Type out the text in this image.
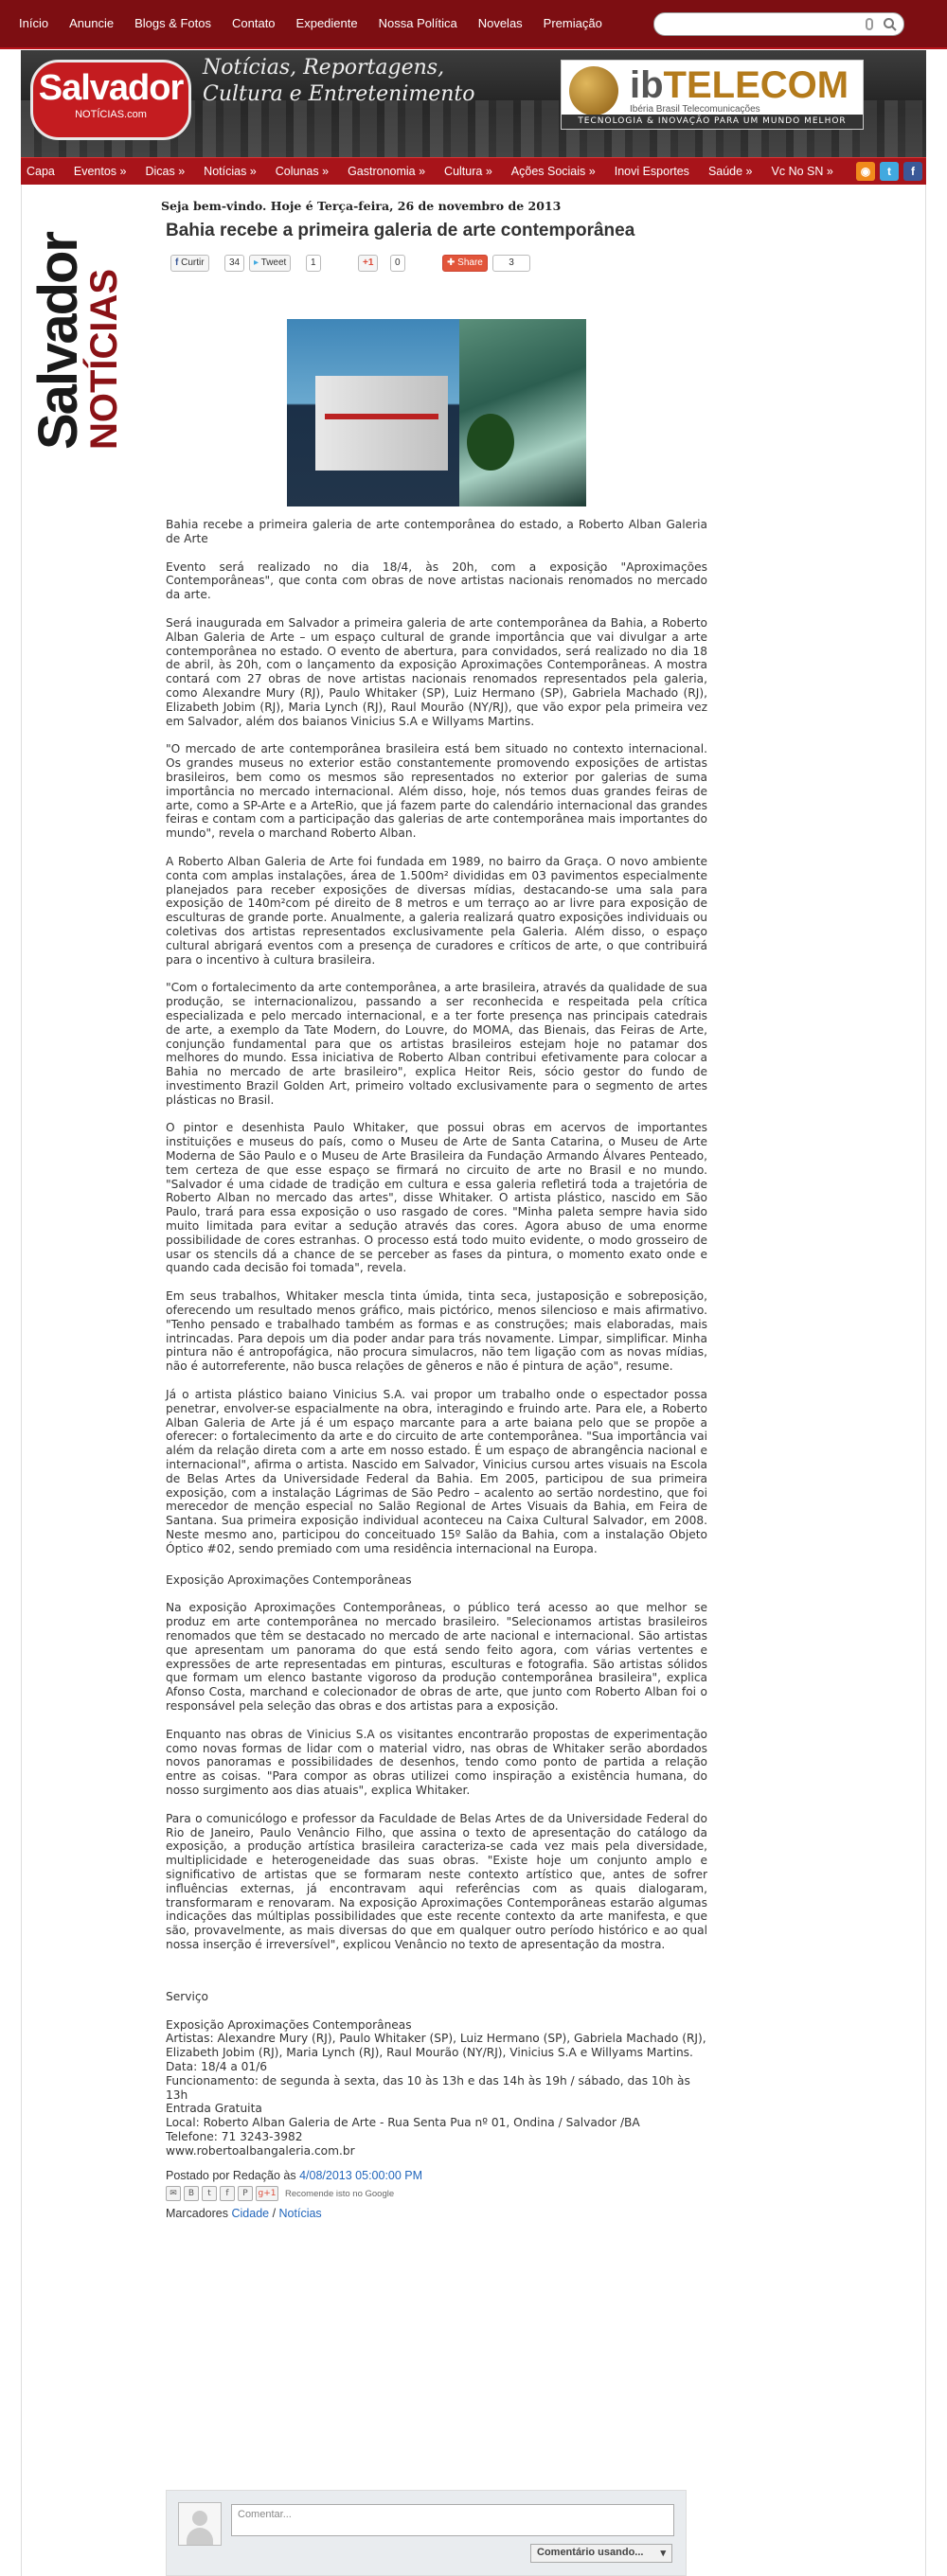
Início Anuncie Blogs & Fotos Contato Expediente Nossa Política Novelas Premiação
Salvador
NOTÍCIAS.com
Notícias, Reportagens, Cultura e Entretenimento	ibTELECOM
Ibéria Brasil Telecomunicações
TECNOLOGIA & INOVAÇÃO PARA UM MUNDO MELHOR
Capa Eventos » Dicas » Notícias » Colunas » Gastronomia » Cultura » Ações Sociais » Inovi Esportes Saúde » Vc No SN »	◉	t	f
Salvador
NOTÍCIAS
Seja bem-vindo. Hoje é Terça-feira, 26 de novembro de 2013
Bahia recebe a primeira galeria de arte contemporânea
f Curtir	34	▸ Tweet	1	+1	0	✚ Share	3

Bahia recebe a primeira galeria de arte contemporânea do estado, a Roberto Alban Galeria de Arte

Evento será realizado no dia 18/4, às 20h, com a exposição "Aproximações Contemporâneas", que conta com obras de nove artistas nacionais renomados no mercado da arte.

Será inaugurada em Salvador a primeira galeria de arte contemporânea da Bahia, a Roberto Alban Galeria de Arte – um espaço cultural de grande importância que vai divulgar a arte contemporânea no estado. O evento de abertura, para convidados, será realizado no dia 18 de abril, às 20h, com o lançamento da exposição Aproximações Contemporâneas. A mostra contará com 27 obras de nove artistas nacionais renomados representados pela galeria, como Alexandre Mury (RJ), Paulo Whitaker (SP), Luiz Hermano (SP), Gabriela Machado (RJ), Elizabeth Jobim (RJ), Maria Lynch (RJ), Raul Mourão (NY/RJ), que vão expor pela primeira vez em Salvador, além dos baianos Vinicius S.A e Willyams Martins.

"O mercado de arte contemporânea brasileira está bem situado no contexto internacional. Os grandes museus no exterior estão constantemente promovendo exposições de artistas brasileiros, bem como os mesmos são representados no exterior por galerias de suma importância no mercado internacional. Além disso, hoje, nós temos duas grandes feiras de arte, como a SP-Arte e a ArteRio, que já fazem parte do calendário internacional das grandes feiras e contam com a participação das galerias de arte contemporânea mais importantes do mundo", revela o marchand Roberto Alban.

A Roberto Alban Galeria de Arte foi fundada em 1989, no bairro da Graça. O novo ambiente conta com amplas instalações, área de 1.500m² divididas em 03 pavimentos especialmente planejados para receber exposições de diversas mídias, destacando-se uma sala para exposição de 140m²com pé direito de 8 metros e um terraço ao ar livre para exposição de esculturas de grande porte. Anualmente, a galeria realizará quatro exposições individuais ou coletivas dos artistas representados exclusivamente pela Galeria. Além disso, o espaço cultural abrigará eventos com a presença de curadores e críticos de arte, o que contribuirá para o incentivo à cultura brasileira.

"Com o fortalecimento da arte contemporânea, a arte brasileira, através da qualidade de sua produção, se internacionalizou, passando a ser reconhecida e respeitada pela crítica especializada e pelo mercado internacional, e a ter forte presença nas principais catedrais de arte, a exemplo da Tate Modern, do Louvre, do MOMA, das Bienais, das Feiras de Arte, conjunção fundamental para que os artistas brasileiros estejam hoje no patamar dos melhores do mundo. Essa iniciativa de Roberto Alban contribui efetivamente para colocar a Bahia no mercado de arte brasileiro", explica Heitor Reis, sócio gestor do fundo de investimento Brazil Golden Art, primeiro voltado exclusivamente para o segmento de artes plásticas no Brasil.

O pintor e desenhista Paulo Whitaker, que possui obras em acervos de importantes instituições e museus do país, como o Museu de Arte de Santa Catarina, o Museu de Arte Moderna de São Paulo e o Museu de Arte Brasileira da Fundação Armando Álvares Penteado, tem certeza de que esse espaço se firmará no circuito de arte no Brasil e no mundo. "Salvador é uma cidade de tradição em cultura e essa galeria refletirá toda a trajetória de Roberto Alban no mercado das artes", disse Whitaker. O artista plástico, nascido em São Paulo, trará para essa exposição o uso rasgado de cores. "Minha paleta sempre havia sido muito limitada para evitar a sedução através das cores. Agora abuso de uma enorme possibilidade de cores estranhas. O processo está todo muito evidente, o modo grosseiro de usar os stencils dá a chance de se perceber as fases da pintura, o momento exato onde e quando cada decisão foi tomada", revela.

Em seus trabalhos, Whitaker mescla tinta úmida, tinta seca, justaposição e sobreposição, oferecendo um resultado menos gráfico, mais pictórico, menos silencioso e mais afirmativo. "Tenho pensado e trabalhado também as formas e as construções; mais elaboradas, mais intrincadas. Para depois um dia poder andar para trás novamente. Limpar, simplificar. Minha pintura não é antropofágica, não procura simulacros, não tem ligação com as novas mídias, não é autorreferente, não busca relações de gêneros e não é pintura de ação", resume.

Já o artista plástico baiano Vinicius S.A. vai propor um trabalho onde o espectador possa penetrar, envolver-se espacialmente na obra, interagindo e fruindo arte. Para ele, a Roberto Alban Galeria de Arte já é um espaço marcante para a arte baiana pelo que se propõe a oferecer: o fortalecimento da arte e do circuito de arte contemporânea. "Sua importância vai além da relação direta com a arte em nosso estado. É um espaço de abrangência nacional e internacional", afirma o artista. Nascido em Salvador, Vinicius cursou artes visuais na Escola de Belas Artes da Universidade Federal da Bahia. Em 2005, participou de sua primeira exposição, com a instalação Lágrimas de São Pedro – acalento ao sertão nordestino, que foi merecedor de menção especial no Salão Regional de Artes Visuais da Bahia, em Feira de Santana. Sua primeira exposição individual aconteceu na Caixa Cultural Salvador, em 2008. Neste mesmo ano, participou do conceituado 15º Salão da Bahia, com a instalação Objeto Óptico #02, sendo premiado com uma residência internacional na Europa.

Exposição Aproximações Contemporâneas

Na exposição Aproximações Contemporâneas, o público terá acesso ao que melhor se produz em arte contemporânea no mercado brasileiro. "Selecionamos artistas brasileiros renomados que têm se destacado no mercado de arte nacional e internacional. São artistas que apresentam um panorama do que está sendo feito agora, com várias vertentes e expressões de arte representadas em pinturas, esculturas e fotografia. São artistas sólidos que formam um elenco bastante vigoroso da produção contemporânea brasileira", explica Afonso Costa, marchand e colecionador de obras de arte, que junto com Roberto Alban foi o responsável pela seleção das obras e dos artistas para a exposição.

Enquanto nas obras de Vinicius S.A os visitantes encontrarão propostas de experimentação como novas formas de lidar com o material vidro, nas obras de Whitaker serão abordados novos panoramas e possibilidades de desenhos, tendo como ponto de partida a relação entre as coisas. "Para compor as obras utilizei como inspiração a existência humana, do nosso surgimento aos dias atuais", explica Whitaker.

Para o comunicólogo e professor da Faculdade de Belas Artes de da Universidade Federal do Rio de Janeiro, Paulo Venâncio Filho, que assina o texto de apresentação do catálogo da exposição, a produção artística brasileira caracteriza-se cada vez mais pela diversidade, multiplicidade e heterogeneidade das suas obras. "Existe hoje um conjunto amplo e significativo de artistas que se formaram neste contexto artístico que, antes de sofrer influências externas, já encontravam aqui referências com as quais dialogaram, transformaram e renovaram. Na exposição Aproximações Contemporâneas estarão algumas indicações das múltiplas possibilidades que este recente contexto da arte manifesta, e que são, provavelmente, as mais diversas do que em qualquer outro período histórico e ao qual nossa inserção é irreversível", explicou Venâncio no texto de apresentação da mostra.

Serviço

Exposição Aproximações Contemporâneas

Artistas: Alexandre Mury (RJ), Paulo Whitaker (SP), Luiz Hermano (SP), Gabriela Machado (RJ), Elizabeth Jobim (RJ), Maria Lynch (RJ), Raul Mourão (NY/RJ), Vinicius S.A e Willyams Martins.

Data: 18/4 a 01/6

Funcionamento: de segunda à sexta, das 10 às 13h e das 14h às 19h / sábado, das 10h às 13h

Entrada Gratuita

Local: Roberto Alban Galeria de Arte - Rua Senta Pua nº 01, Ondina / Salvador /BA

Telefone: 71 3243-3982

www.robertoalbangaleria.com.br

Postado por Redação às 4/08/2013 05:00:00 PM
✉	B	t	f	P	g+1 Recomende isto no Google
Marcadores Cidade / Notícias
Comentar...
Comentário usando... ▾
